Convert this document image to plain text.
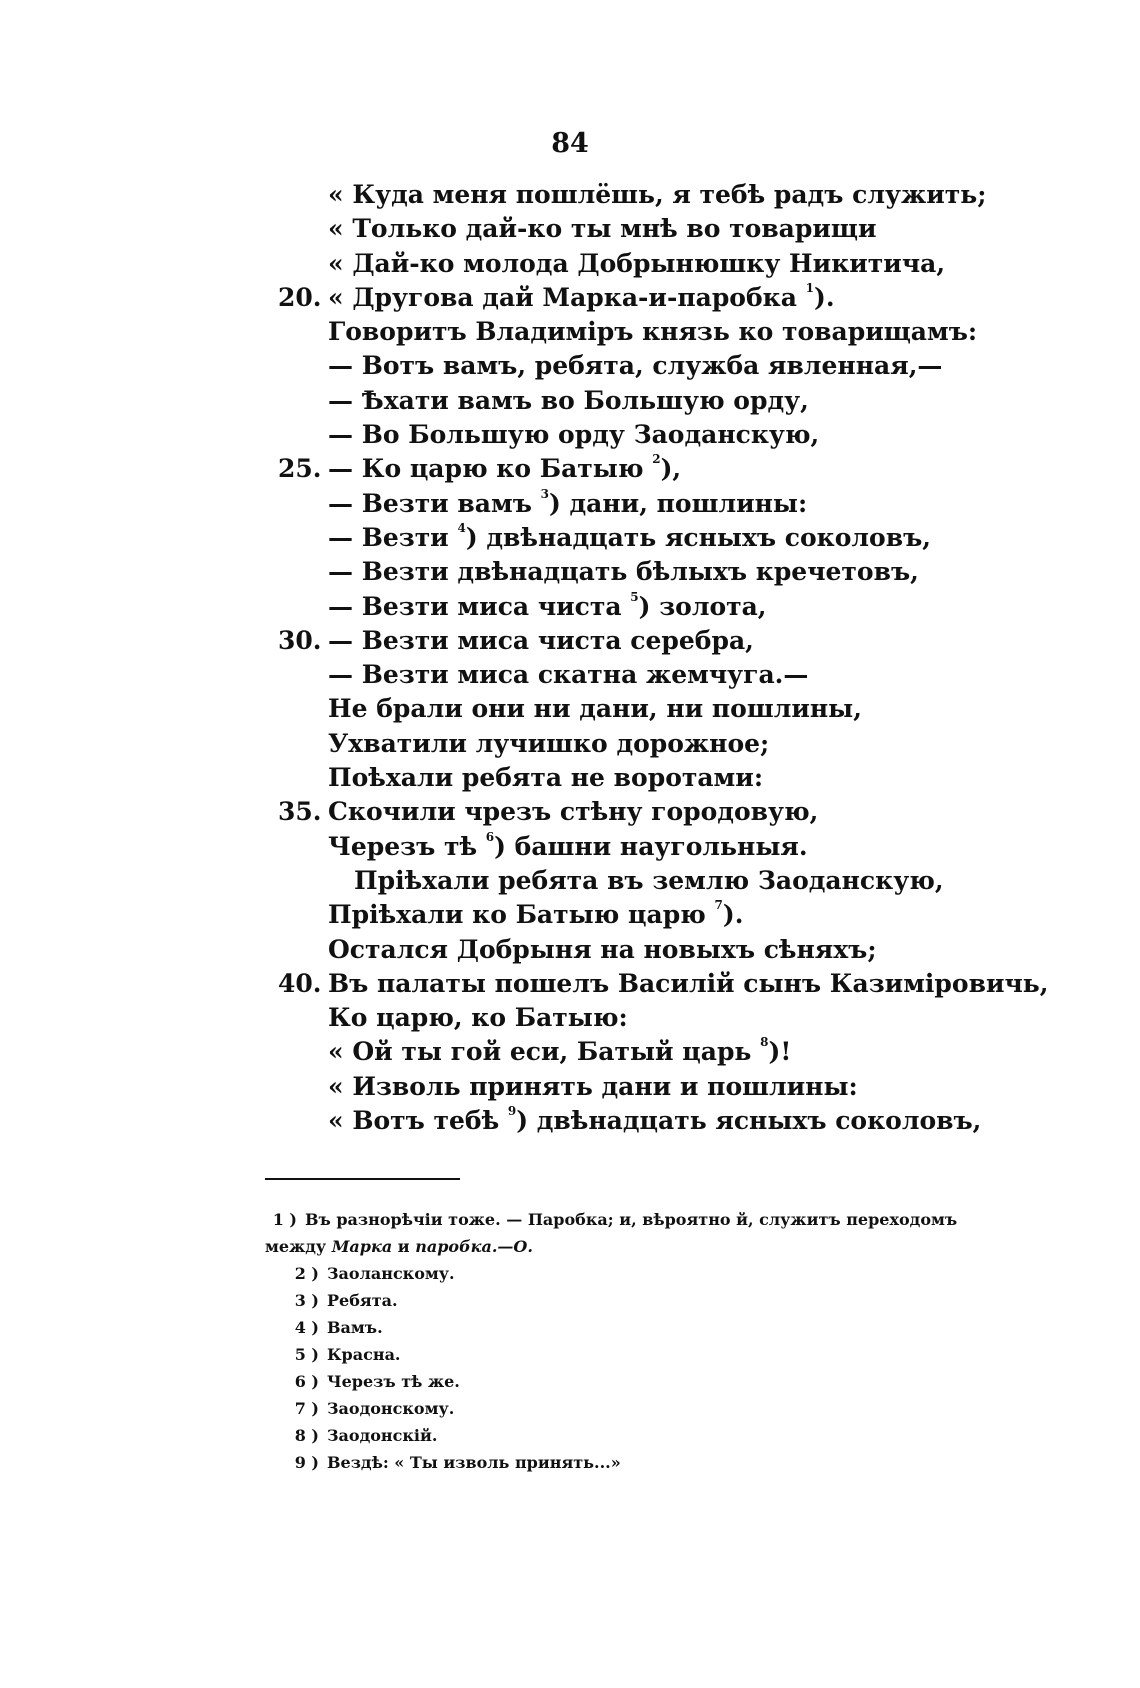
84
« Куда меня пошлёшь, я тебѣ радъ служить;
« Только дай-ко ты мнѣ во товарищи
« Дай-ко молода Добрынюшку Никитича,
20. « Другова дай Марка-и-паробка $^1$).
Говоритъ Владиміръ князь ко товарищамъ:
— Вотъ вамъ, ребята, служба явленная,—
— Ѣхати вамъ во Большую орду,
— Во Большую орду Заоданскую,
25. — Ко царю ко Батыю $^2$),
— Везти вамъ $^3$) дани, пошлины:
— Везти $^4$) двѣнадцать ясныхъ соколовъ,
— Везти двѣнадцать бѣлыхъ кречетовъ,
— Везти миса чиста $^5$) золота,
30. — Везти миса чиста серебра,
— Везти миса скатна жемчуга.—
Не брали они ни дани, ни пошлины,
Ухватили лучишко дорожное;
Поѣхали ребята не воротами:
35. Скочили чрезъ стѣну городовую,
Черезъ тѣ $^6$) башни наугольныя.
Пріѣхали ребята въ землю Заоданскую,
Пріѣхали ко Батыю царю $^7$).
Остался Добрыня на новыхъ сѣняхъ;
40. Въ палаты пошелъ Василій сынъ Казиміровичь,
Ко царю, ко Батыю:
« Ой ты гой еси, Батый царь $^8$)!
« Изволь принять дани и пошлины:
« Вотъ тебѣ $^9$) двѣнадцать ясныхъ соколовъ,
1 ) Въ разнорѣчіи тоже. — Паробка; и, вѣроятно й, служитъ переходомъ
между Марка и паробка.—О.
2 ) Заоланскому.
3 ) Ребята.
4 ) Вамъ.
5 ) Красна.
6 ) Черезъ тѣ же.
7 ) Заодонскому.
8 ) Заодонскій.
9 ) Вездѣ: « Ты изволь принять...»
